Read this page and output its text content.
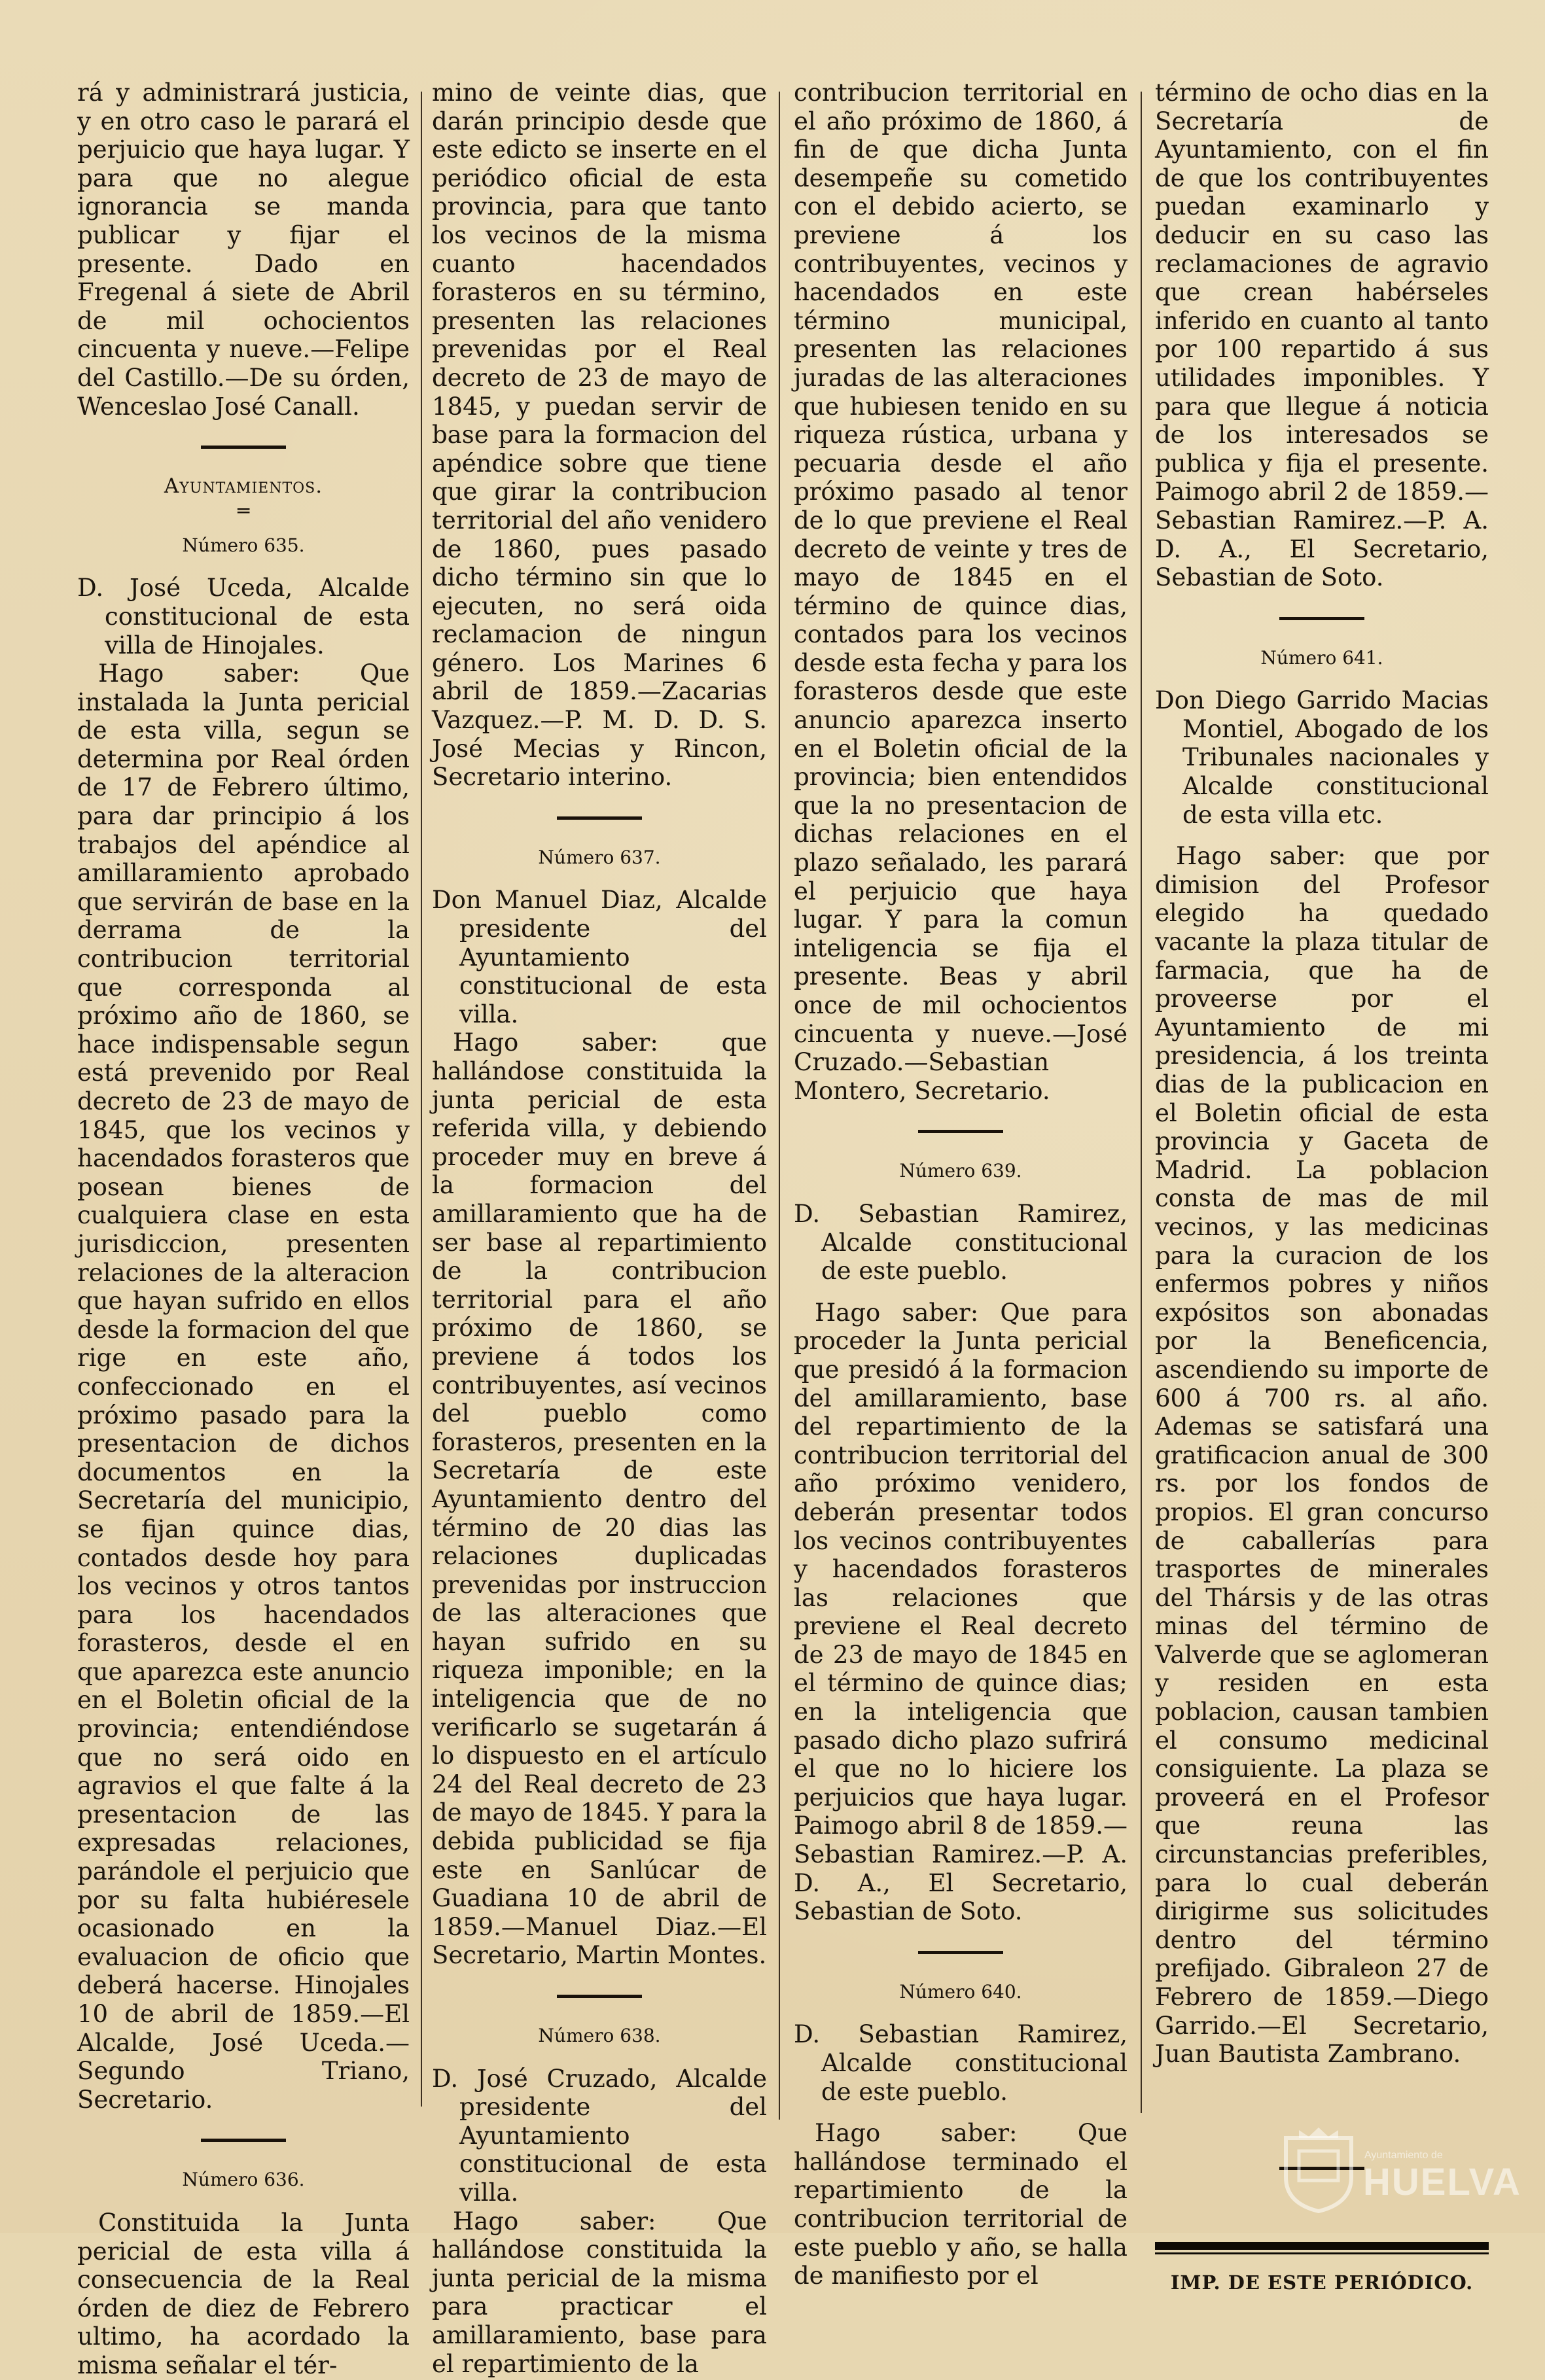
rá y administrará justicia, y en otro caso le parará el perjuicio que haya lugar. Y para que no alegue ignorancia se manda publicar y fijar el presente. Dado en Fregenal á siete de Abril de mil ochocientos cincuenta y nueve.—Felipe del Castillo.—De su órden, Wenceslao José Canall.

Ayuntamientos.

═

Número 635.

D. José Uceda, Alcalde constitucional de esta villa de Hinojales.

Hago saber: Que instalada la Junta pericial de esta villa, segun se determina por Real órden de 17 de Febrero último, para dar principio á los trabajos del apéndice al amillaramiento aprobado que servirán de base en la derrama de la contribucion territorial que corresponda al próximo año de 1860, se hace indispensable segun está prevenido por Real decreto de 23 de mayo de 1845, que los vecinos y hacendados forasteros que posean bienes de cualquiera clase en esta jurisdiccion, presenten relaciones de la alteracion que hayan sufrido en ellos desde la formacion del que rige en este año, confeccionado en el próximo pasado para la presentacion de dichos documentos en la Secretaría del municipio, se fijan quince dias, contados desde hoy para los vecinos y otros tantos para los hacendados forasteros, desde el en que aparezca este anuncio en el Boletin oficial de la provincia; entendiéndose que no será oido en agravios el que falte á la presentacion de las expresadas relaciones, parándole el perjuicio que por su falta hubiéresele ocasionado en la evaluacion de oficio que deberá hacerse. Hinojales 10 de abril de 1859.—El Alcalde, José Uceda.—Segundo Triano, Secretario.

Número 636.

Constituida la Junta pericial de esta villa á consecuencia de la Real órden de diez de Febrero ultimo, ha acordado la misma señalar el tér-

mino de veinte dias, que darán principio desde que este edicto se inserte en el periódico oficial de esta provincia, para que tanto los vecinos de la misma cuanto hacendados forasteros en su término, presenten las relaciones prevenidas por el Real decreto de 23 de mayo de 1845, y puedan servir de base para la formacion del apéndice sobre que tiene que girar la contribucion territorial del año venidero de 1860, pues pasado dicho término sin que lo ejecuten, no será oida reclamacion de ningun género. Los Marines 6 abril de 1859.—Zacarias Vazquez.—P. M. D. D. S. José Mecias y Rincon, Secretario interino.

Número 637.

Don Manuel Diaz, Alcalde presidente del Ayuntamiento constitucional de esta villa.

Hago saber: que hallándose constituida la junta pericial de esta referida villa, y debiendo proceder muy en breve á la formacion del amillaramiento que ha de ser base al repartimiento de la contribucion territorial para el año próximo de 1860, se previene á todos los contribuyentes, así vecinos del pueblo como forasteros, presenten en la Secretaría de este Ayuntamiento dentro del término de 20 dias las relaciones duplicadas prevenidas por instruccion de las alteraciones que hayan sufrido en su riqueza imponible; en la inteligencia que de no verificarlo se sugetarán á lo dispuesto en el artículo 24 del Real decreto de 23 de mayo de 1845. Y para la debida publicidad se fija este en Sanlúcar de Guadiana 10 de abril de 1859.—Manuel Diaz.—El Secretario, Martin Montes.

Número 638.

D. José Cruzado, Alcalde presidente del Ayuntamiento constitucional de esta villa.

Hago saber: Que hallándose constituida la junta pericial de la misma para practicar el amillaramiento, base para el repartimiento de la

contribucion territorial en el año próximo de 1860, á fin de que dicha Junta desempeñe su cometido con el debido acierto, se previene á los contribuyentes, vecinos y hacendados en este término municipal, presenten las relaciones juradas de las alteraciones que hubiesen tenido en su riqueza rústica, urbana y pecuaria desde el año próximo pasado al tenor de lo que previene el Real decreto de veinte y tres de mayo de 1845 en el término de quince dias, contados para los vecinos desde esta fecha y para los forasteros desde que este anuncio aparezca inserto en el Boletin oficial de la provincia; bien entendidos que la no presentacion de dichas relaciones en el plazo señalado, les parará el perjuicio que haya lugar. Y para la comun inteligencia se fija el presente. Beas y abril once de mil ochocientos cincuenta y nueve.—José Cruzado.—Sebastian Montero, Secretario.

Número 639.

D. Sebastian Ramirez, Alcalde constitucional de este pueblo.

Hago saber: Que para proceder la Junta pericial que presidó á la formacion del amillaramiento, base del repartimiento de la contribucion territorial del año próximo venidero, deberán presentar todos los vecinos contribuyentes y hacendados forasteros las relaciones que previene el Real decreto de 23 de mayo de 1845 en el término de quince dias; en la inteligencia que pasado dicho plazo sufrirá el que no lo hiciere los perjuicios que haya lugar. Paimogo abril 8 de 1859.—Sebastian Ramirez.—P. A. D. A., El Secretario, Sebastian de Soto.

Número 640.

D. Sebastian Ramirez, Alcalde constitucional de este pueblo.

Hago saber: Que hallándose terminado el repartimiento de la contribucion territorial de este pueblo y año, se halla de manifiesto por el

término de ocho dias en la Secretaría de Ayuntamiento, con el fin de que los contribuyentes puedan examinarlo y deducir en su caso las reclamaciones de agravio que crean habérseles inferido en cuanto al tanto por 100 repartido á sus utilidades imponibles. Y para que llegue á noticia de los interesados se publica y fija el presente. Paimogo abril 2 de 1859.—Sebastian Ramirez.—P. A. D. A., El Secretario, Sebastian de Soto.

Número 641.

Don Diego Garrido Macias Montiel, Abogado de los Tribunales nacionales y Alcalde constitucional de esta villa etc.

Hago saber: que por dimision del Profesor elegido ha quedado vacante la plaza titular de farmacia, que ha de proveerse por el Ayuntamiento de mi presidencia, á los treinta dias de la publicacion en el Boletin oficial de esta provincia y Gaceta de Madrid. La poblacion consta de mas de mil vecinos, y las medicinas para la curacion de los enfermos pobres y niños expósitos son abonadas por la Beneficencia, ascendiendo su importe de 600 á 700 rs. al año. Ademas se satisfará una gratificacion anual de 300 rs. por los fondos de propios. El gran concurso de caballerías para trasportes de minerales del Thársis y de las otras minas del término de Valverde que se aglomeran y residen en esta poblacion, causan tambien el consumo medicinal consiguiente. La plaza se proveerá en el Profesor que reuna las circunstancias preferibles, para lo cual deberán dirigirme sus solicitudes dentro del término prefijado. Gibraleon 27 de Febrero de 1859.—Diego Garrido.—El Secretario, Juan Bautista Zambrano.

IMP. DE ESTE PERIÓDICO.

Ayuntamiento de
HUELVA
